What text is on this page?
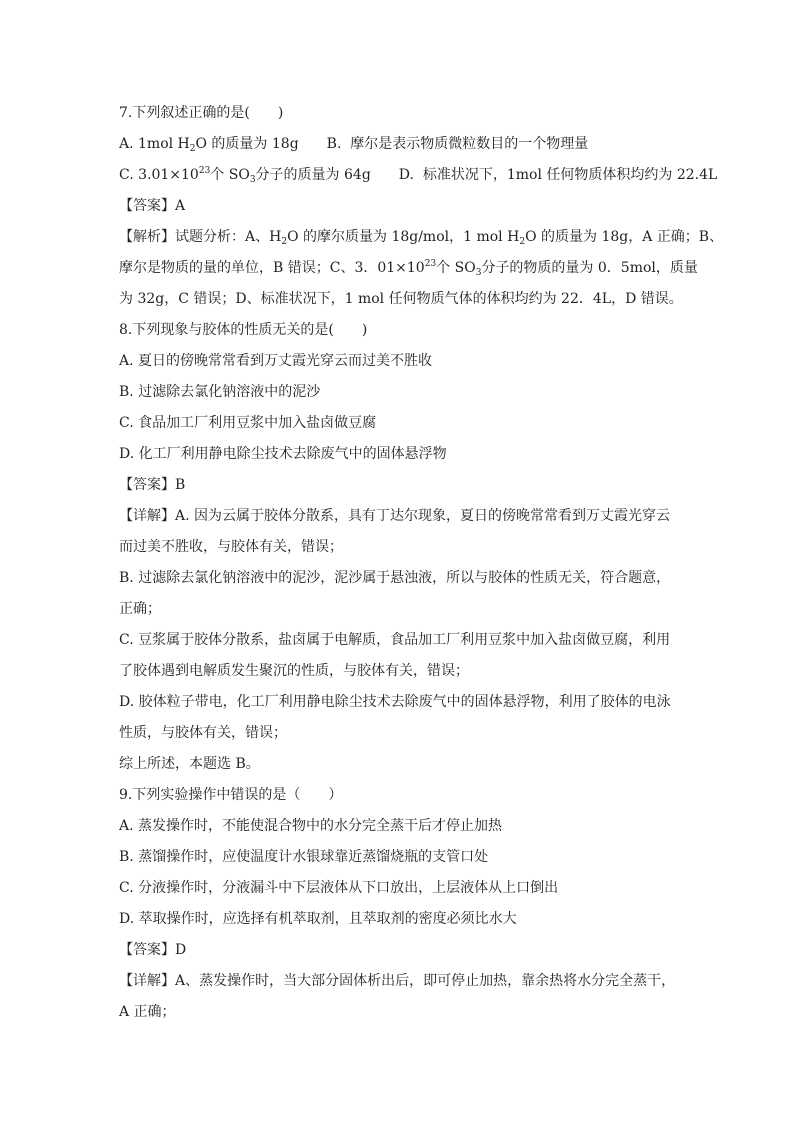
7.下列叙述正确的是(　　)
A. 1mol $H_2O$ 的质量为 18g　　B.  摩尔是表示物质微粒数目的一个物理量
C. $3.01\times 10^{23}$个 $SO_3$分子的质量为 64g　　D.  标准状况下，1mol 任何物质体积均约为 22.4L
【答案】A
【解析】试题分析：A、$H_2O$ 的摩尔质量为 18g/mol，1 mol $H_2O$ 的质量为 18g，A 正确；B、
摩尔是物质的量的单位，B 错误；C、3．$01\times 10^{23}$个 $SO_3$分子的物质的量为 0．5mol，质量
为 32g，C 错误；D、标准状况下，1 mol 任何物质气体的体积均约为 22．4L，D 错误。
8.下列现象与胶体的性质无关的是(　　)
A. 夏日的傍晚常常看到万丈霞光穿云而过美不胜收
B. 过滤除去氯化钠溶液中的泥沙
C. 食品加工厂利用豆浆中加入盐卤做豆腐
D. 化工厂利用静电除尘技术去除废气中的固体悬浮物
【答案】B
【详解】A. 因为云属于胶体分散系，具有丁达尔现象，夏日的傍晚常常看到万丈霞光穿云
而过美不胜收，与胶体有关，错误；
B. 过滤除去氯化钠溶液中的泥沙，泥沙属于悬浊液，所以与胶体的性质无关，符合题意，
正确；
C. 豆浆属于胶体分散系，盐卤属于电解质，食品加工厂利用豆浆中加入盐卤做豆腐，利用
了胶体遇到电解质发生聚沉的性质，与胶体有关，错误；
D. 胶体粒子带电，化工厂利用静电除尘技术去除废气中的固体悬浮物，利用了胶体的电泳
性质，与胶体有关，错误；
综上所述，本题选 B。
9.下列实验操作中错误的是（　　）
A. 蒸发操作时，不能使混合物中的水分完全蒸干后才停止加热
B. 蒸馏操作时，应使温度计水银球靠近蒸馏烧瓶的支管口处
C. 分液操作时，分液漏斗中下层液体从下口放出，上层液体从上口倒出
D. 萃取操作时，应选择有机萃取剂，且萃取剂的密度必须比水大
【答案】D
【详解】A、蒸发操作时，当大部分固体析出后，即可停止加热，靠余热将水分完全蒸干，
A 正确；
